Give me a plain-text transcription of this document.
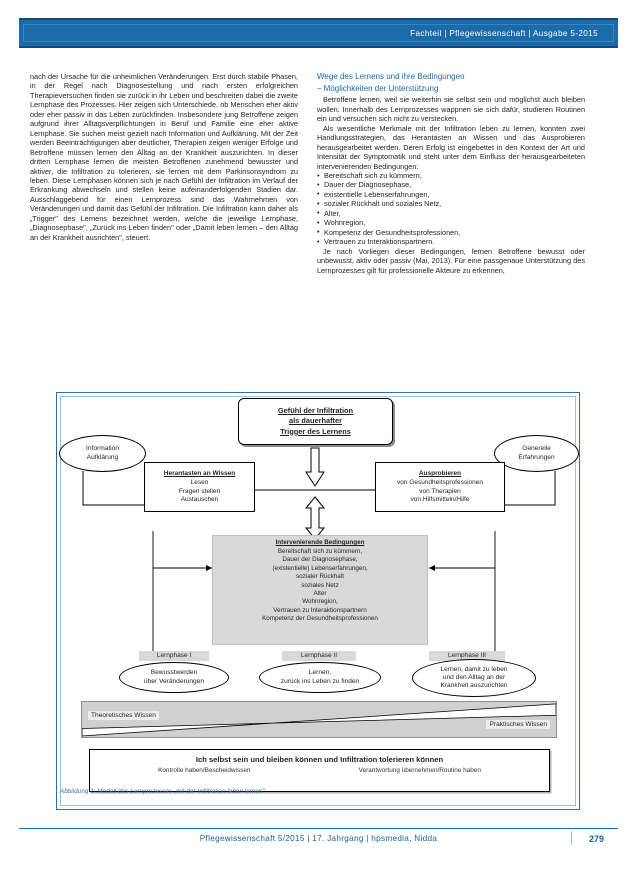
Fachteil | Pflegewissenschaft | Ausgabe 5-2015

nach der Ursache für die unheimlichen Veränderungen. Erst durch stabile Phasen, in der Regel nach Diagnosestellung und nach ersten erfolgreichen Therapieversuchen finden sie zurück in ihr Leben und beschreiten dabei die zweite Lernphase des Prozesses. Hier zeigen sich Unterschiede, ob Menschen eher aktiv oder eher passiv in das Leben zurückfinden. Insbesondere jung Betroffene zeigen aufgrund ihrer Alltagsverpflichtungen in Beruf und Familie eine eher aktive Lernphase. Sie suchen meist gezielt nach Information und Aufklärung. Mit der Zeit werden Beeinträchtigungen aber deutlicher, Therapien zeigen weniger Erfolge und Betroffene müssen lernen den Alltag an der Krankheit auszurichten. In dieser dritten Lernphase lernen die meisten Betroffenen zunehmend bewusster und aktiver, die Infiltration zu tolerieren, sie lernen mit dem Parkinsonsyndrom zu leben. Diese Lernphasen können sich je nach Gefühl der Infiltration im Verlauf der Erkrankung abwechseln und stellen keine aufeinanderfolgenden Stadien dar. Ausschlaggebend für einen Lernprozess sind das Wahrnehmen von Veränderungen und damit das Gefühl der Infiltration. Die Infiltration kann daher als „Trigger" des Lernens bezeichnet werden, welche die jeweilige Lernphase, „Diagnosephase", „Zurück ins Leben finden" oder „Damit leben lernen – den Alltag an der Krankheit ausrichten", steuert.

Wege des Lernens und ihre Bedingungen
– Möglichkeiten der Unterstützung

Betroffene lernen, weil sie weiterhin sie selbst sein und möglichst auch bleiben wollen. Innerhalb des Lernprozesses wappnen sie sich dafür, studieren Routinen ein und versuchen sich nicht zu verstecken.

Als wesentliche Merkmale mit der Infiltration leben zu lernen, konnten zwei Handlungsstrategien, das Herantasten an Wissen und das Ausprobieren herausgearbeitet werden. Deren Erfolg ist eingebettet in den Kontext der Art und Intensität der Symptomatik und steht unter dem Einfluss der herausgearbeiteten intervenierenden Bedingungen:

• Bereitschaft sich zu kümmern,
• Dauer der Diagnosephase,
• existentielle Lebenserfahrungen,
• sozialer Rückhalt und soziales Netz,
• Alter,
• Wohnregion,
• Kompetenz der Gesundheitsprofessionen,
• Vertrauen zu Interaktionspartnern.

Je nach Vorliegen dieser Bedingungen, lernen Betroffene bewusst oder unbewusst, aktiv oder passiv (Mai, 2013). Für eine passgenaue Unterstützung des Lernprozesses gilt für professionelle Akteure zu erkennen,

Gefühl der Infiltration
als dauerhafter
Trigger des Lernens
Information
Aufklärung
Generelle
Erfahrungen
Herantasten an Wissen
Lesen
Fragen stellen
Austauschen
Ausprobieren
von Gesundheitsprofessionen
von Therapien
von Hilfsmitteln/Hilfe
Intervenierende Bedingungen
Bereitschaft sich zu kümmern,
Dauer der Diagnosephase,
(existentielle) Lebenserfahrungen,
sozialer Rückhalt
soziales Netz
Alter
Wohnregion,
Vertrauen zu Interaktionspartnern
Kompetenz der Gesundheitsprofessionen
Lernphase I
Bewusstwerden
über Veränderungen
Lernphase II
Lernen,
zurück ins Leben zu finden
Lernphase III
Lernen, damit zu leben
und den Alltag an der
Krankheit auszurichten
Theoretisches Wissen
Praktisches Wissen
Ich selbst sein und bleiben können und Infiltration tolerieren können
Kontrolle haben/Bescheidwissen	Verantwortung übernehmen/Routine haben
Abbildung 1: Modell des Lernprozesses „mit der Infiltration leben lernen"
Pflegewissenschaft 5/2015 | 17. Jahrgang | hpsmedia, Nidda	279
